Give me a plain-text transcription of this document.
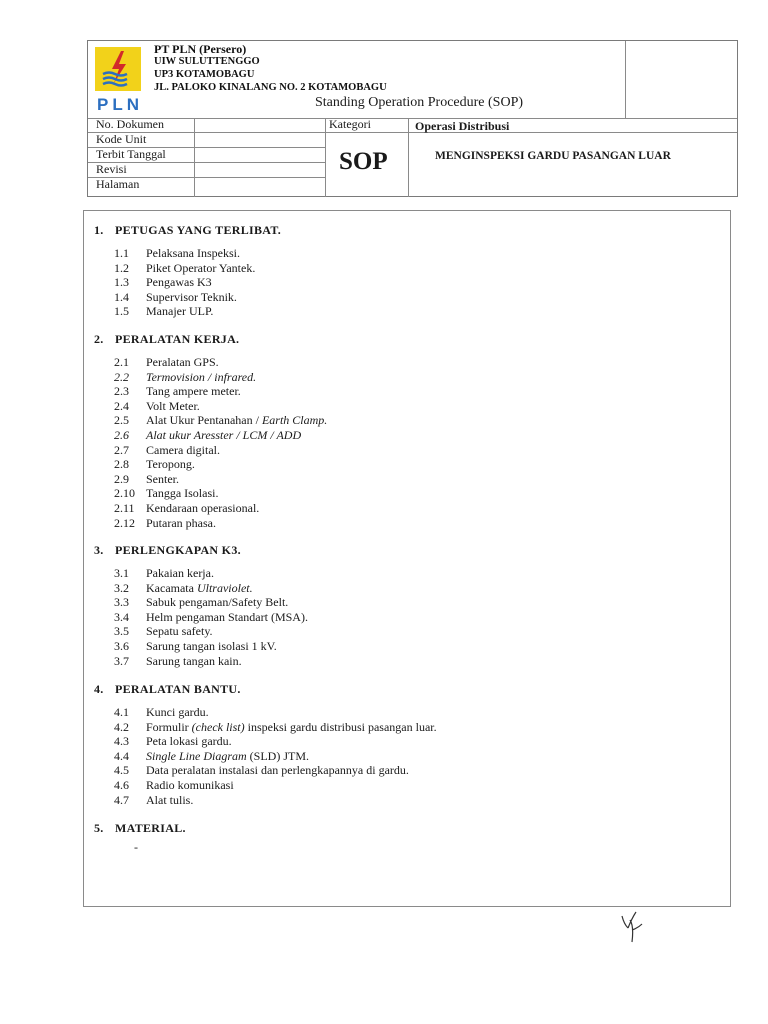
PLN
PT PLN (Persero)
UIW SULUTTENGGO
UP3 KOTAMOBAGU
JL. PALOKO KINALANG NO. 2 KOTAMOBAGU
Standing Operation Procedure (SOP)
No. Dokumen
Kode Unit
Terbit Tanggal
Revisi
Halaman
Kategori	Operasi Distribusi
SOP	MENGINSPEKSI GARDU PASANGAN LUAR
1. PETUGAS YANG TERLIBAT.
1.1 Pelaksana Inspeksi.
1.2 Piket Operator Yantek.
1.3 Pengawas K3
1.4 Supervisor Teknik.
1.5 Manajer ULP.
2. PERALATAN KERJA.
2.1 Peralatan GPS.
2.2 Termovision / infrared.
2.3 Tang ampere meter.
2.4 Volt Meter.
2.5 Alat Ukur Pentanahan / Earth Clamp.
2.6 Alat ukur Aresster / LCM / ADD
2.7 Camera digital.
2.8 Teropong.
2.9 Senter.
2.10 Tangga Isolasi.
2.11 Kendaraan operasional.
2.12 Putaran phasa.
3. PERLENGKAPAN K3.
3.1 Pakaian kerja.
3.2 Kacamata Ultraviolet.
3.3 Sabuk pengaman/Safety Belt.
3.4 Helm pengaman Standart (MSA).
3.5 Sepatu safety.
3.6 Sarung tangan isolasi 1 kV.
3.7 Sarung tangan kain.
4. PERALATAN BANTU.
4.1 Kunci gardu.
4.2 Formulir (check list) inspeksi gardu distribusi pasangan luar.
4.3 Peta lokasi gardu.
4.4 Single Line Diagram (SLD) JTM.
4.5 Data peralatan instalasi dan perlengkapannya di gardu.
4.6 Radio komunikasi
4.7 Alat tulis.
5. MATERIAL.
-
